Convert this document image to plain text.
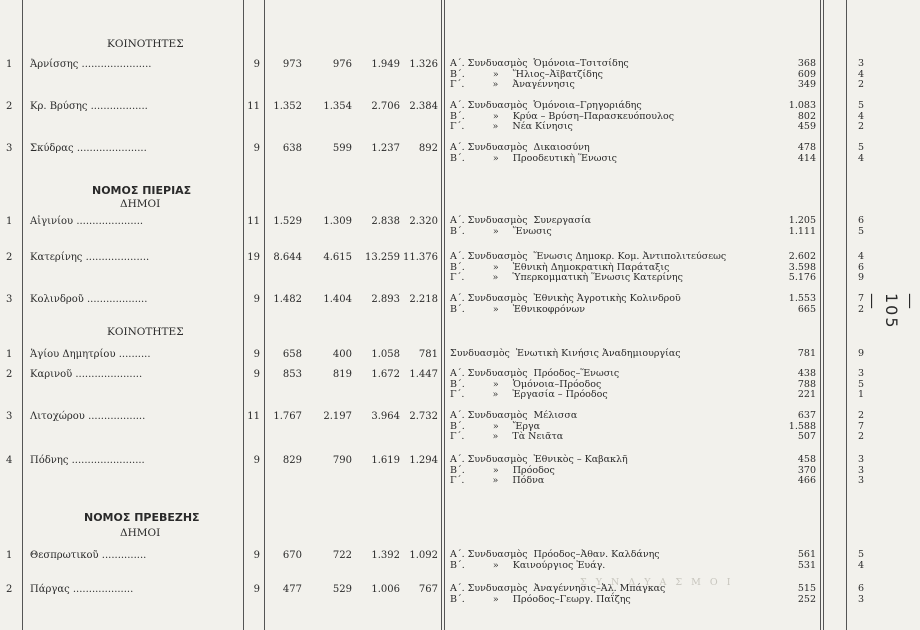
Σ Υ Ν Δ Υ Α Σ Μ Ο Ι
— 105 —
ΚΟΙΝΟΤΗΤΕΣ
ΝΟΜΟΣ ΠΙΕΡΙΑΣ
ΔΗΜΟΙ
ΚΟΙΝΟΤΗΤΕΣ
ΝΟΜΟΣ ΠΡΕΒΕΖΗΣ
ΔΗΜΟΙ
1 Ἀρνίσσης ......................	9	973	976	1.949 1.326 Α΄. Συνδυασμὸς Ὁμόνοια–Τσιτσίδης	368	3
Β΄.	» Ἥλιος–Ἀϊβατζίδης	609	4
Γ΄.	» Ἀναγέννησις	349	2
2 Κρ. Βρύσης ..................	11	1.352	1.354	2.706 2.384 Α΄. Συνδυασμὸς Ὁμόνοια–Γρηγοριάδης	1.083	5
Β΄.	» Κρύα – Βρύση–Παρασκευόπουλος	802	4
Γ΄.	» Νέα Κίνησις	459	2
3 Σκύδρας ......................	9	638	599	1.237	892 Α΄. Συνδυασμὸς Δικαιοσύνη	478	5
Β΄.	» Προοδευτικὴ Ἕνωσις	414	4
1 Αἰγινίου .....................	11	1.529	1.309	2.838 2.320 Α΄. Συνδυασμὸς Συνεργασία	1.205	6
Β΄.	» Ἕνωσις	1.111	5
2 Κατερίνης ....................	19	8.644	4.615	13.259 11.376 Α΄. Συνδυασμὸς Ἕνωσις Δημοκρ. Κομ. Ἀντιπολιτεύσεως	2.602	4
Β΄.	» Ἐθνικὴ Δημοκρατικὴ Παράταξις	3.598	6
Γ΄.	» Ὑπερκομματικὴ Ἕνωσις Κατερίνης	5.176	9
3 Κολινδροῦ ...................	9	1.482	1.404	2.893 2.218 Α΄. Συνδυασμὸς Ἐθνικὴς Ἀγροτικὴς Κολινδροῦ	1.553	7
Β΄.	» Ἐθνικοφρόνων	665	2
1 Ἁγίου Δημητρίου ..........	9	658	400	1.058	781 Συνδυασμὸς Ἐνωτικὴ Κινήσις Ἀναδημιουργίας	781	9
2 Καρινοῦ .....................	9	853	819	1.672 1.447 Α΄. Συνδυασμὸς Πρόοδος–Ἕνωσις	438	3
Β΄.	» Ὁμόνοια–Πρόοδος	788	5
Γ΄.	» Ἐργασία – Πρόοδος	221	1
3 Λιτοχώρου ..................	11	1.767	2.197	3.964 2.732 Α΄. Συνδυασμὸς Μέλισσα	637	2
Β΄.	» Ἔργα	1.588	7
Γ΄.	» Τὰ Νειᾶτα	507	2
4 Πόδνης .......................	9	829	790	1.619 1.294 Α΄. Συνδυασμὸς Ἐθνικὸς – Καβακλῆ	458	3
Β΄.	» Πρόοδος	370	3
Γ΄.	» Πόδνα	466	3
1 Θεσπρωτικοῦ ..............	9	670	722	1.392 1.092 Α΄. Συνδυασμὸς Πρόοδος–Ἀθαν. Καλδάνης	561	5
Β΄.	» Καινούργιος Ἐυάγ.	531	4
2 Πάργας ...................	9	477	529	1.006	767 Α΄. Συνδυασμὸς Ἀναγέννησις–Ἀλ. Μπάγκας	515	6
Β΄.	» Πρόοδος–Γεωργ. Παΐζης	252	3
